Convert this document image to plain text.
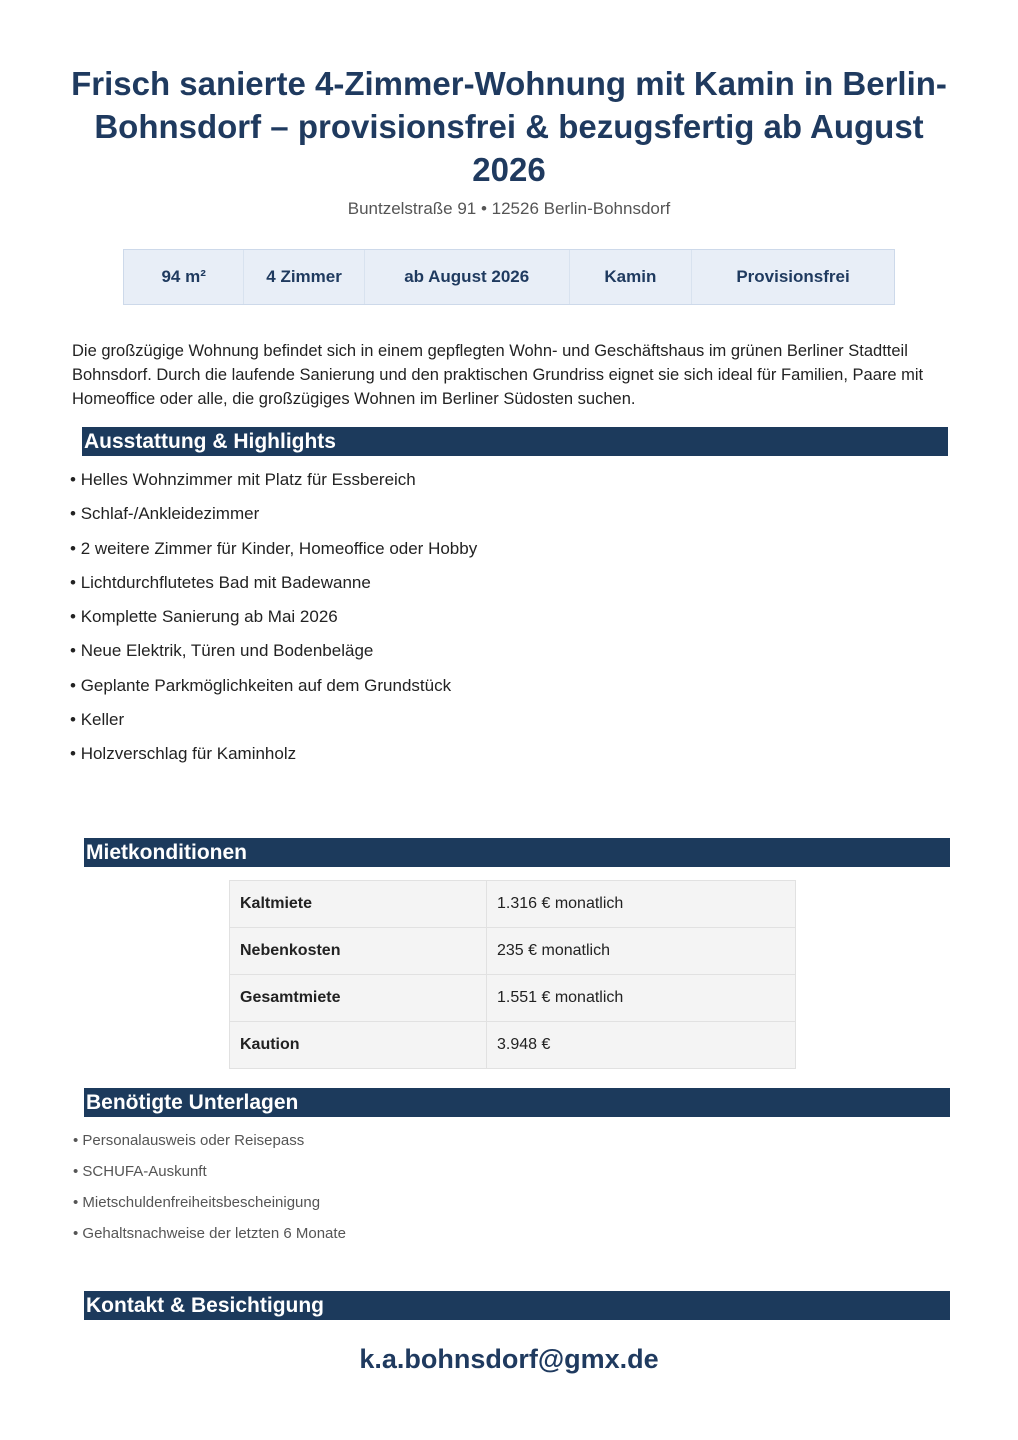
Frisch sanierte 4-Zimmer-Wohnung mit Kamin in Berlin-Bohnsdorf – provisionsfrei & bezugsfertig ab August 2026
Buntzelstraße 91 • 12526 Berlin-Bohnsdorf
94 m²	4 Zimmer	ab August 2026	Kamin	Provisionsfrei

Die großzügige Wohnung befindet sich in einem gepflegten Wohn- und Geschäftshaus im grünen Berliner Stadtteil Bohnsdorf. Durch die laufende Sanierung und den praktischen Grundriss eignet sie sich ideal für Familien, Paare mit Homeoffice oder alle, die großzügiges Wohnen im Berliner Südosten suchen.

Ausstattung & Highlights
• Helles Wohnzimmer mit Platz für Essbereich
• Schlaf-/Ankleidezimmer
• 2 weitere Zimmer für Kinder, Homeoffice oder Hobby
• Lichtdurchflutetes Bad mit Badewanne
• Komplette Sanierung ab Mai 2026
• Neue Elektrik, Türen und Bodenbeläge
• Geplante Parkmöglichkeiten auf dem Grundstück
• Keller
• Holzverschlag für Kaminholz
Mietkonditionen
Kaltmiete	1.316 € monatlich
Nebenkosten	235 € monatlich
Gesamtmiete	1.551 € monatlich
Kaution	3.948 €
Benötigte Unterlagen
• Personalausweis oder Reisepass
• SCHUFA-Auskunft
• Mietschuldenfreiheitsbescheinigung
• Gehaltsnachweise der letzten 6 Monate
Kontakt & Besichtigung
k.a.bohnsdorf@gmx.de
